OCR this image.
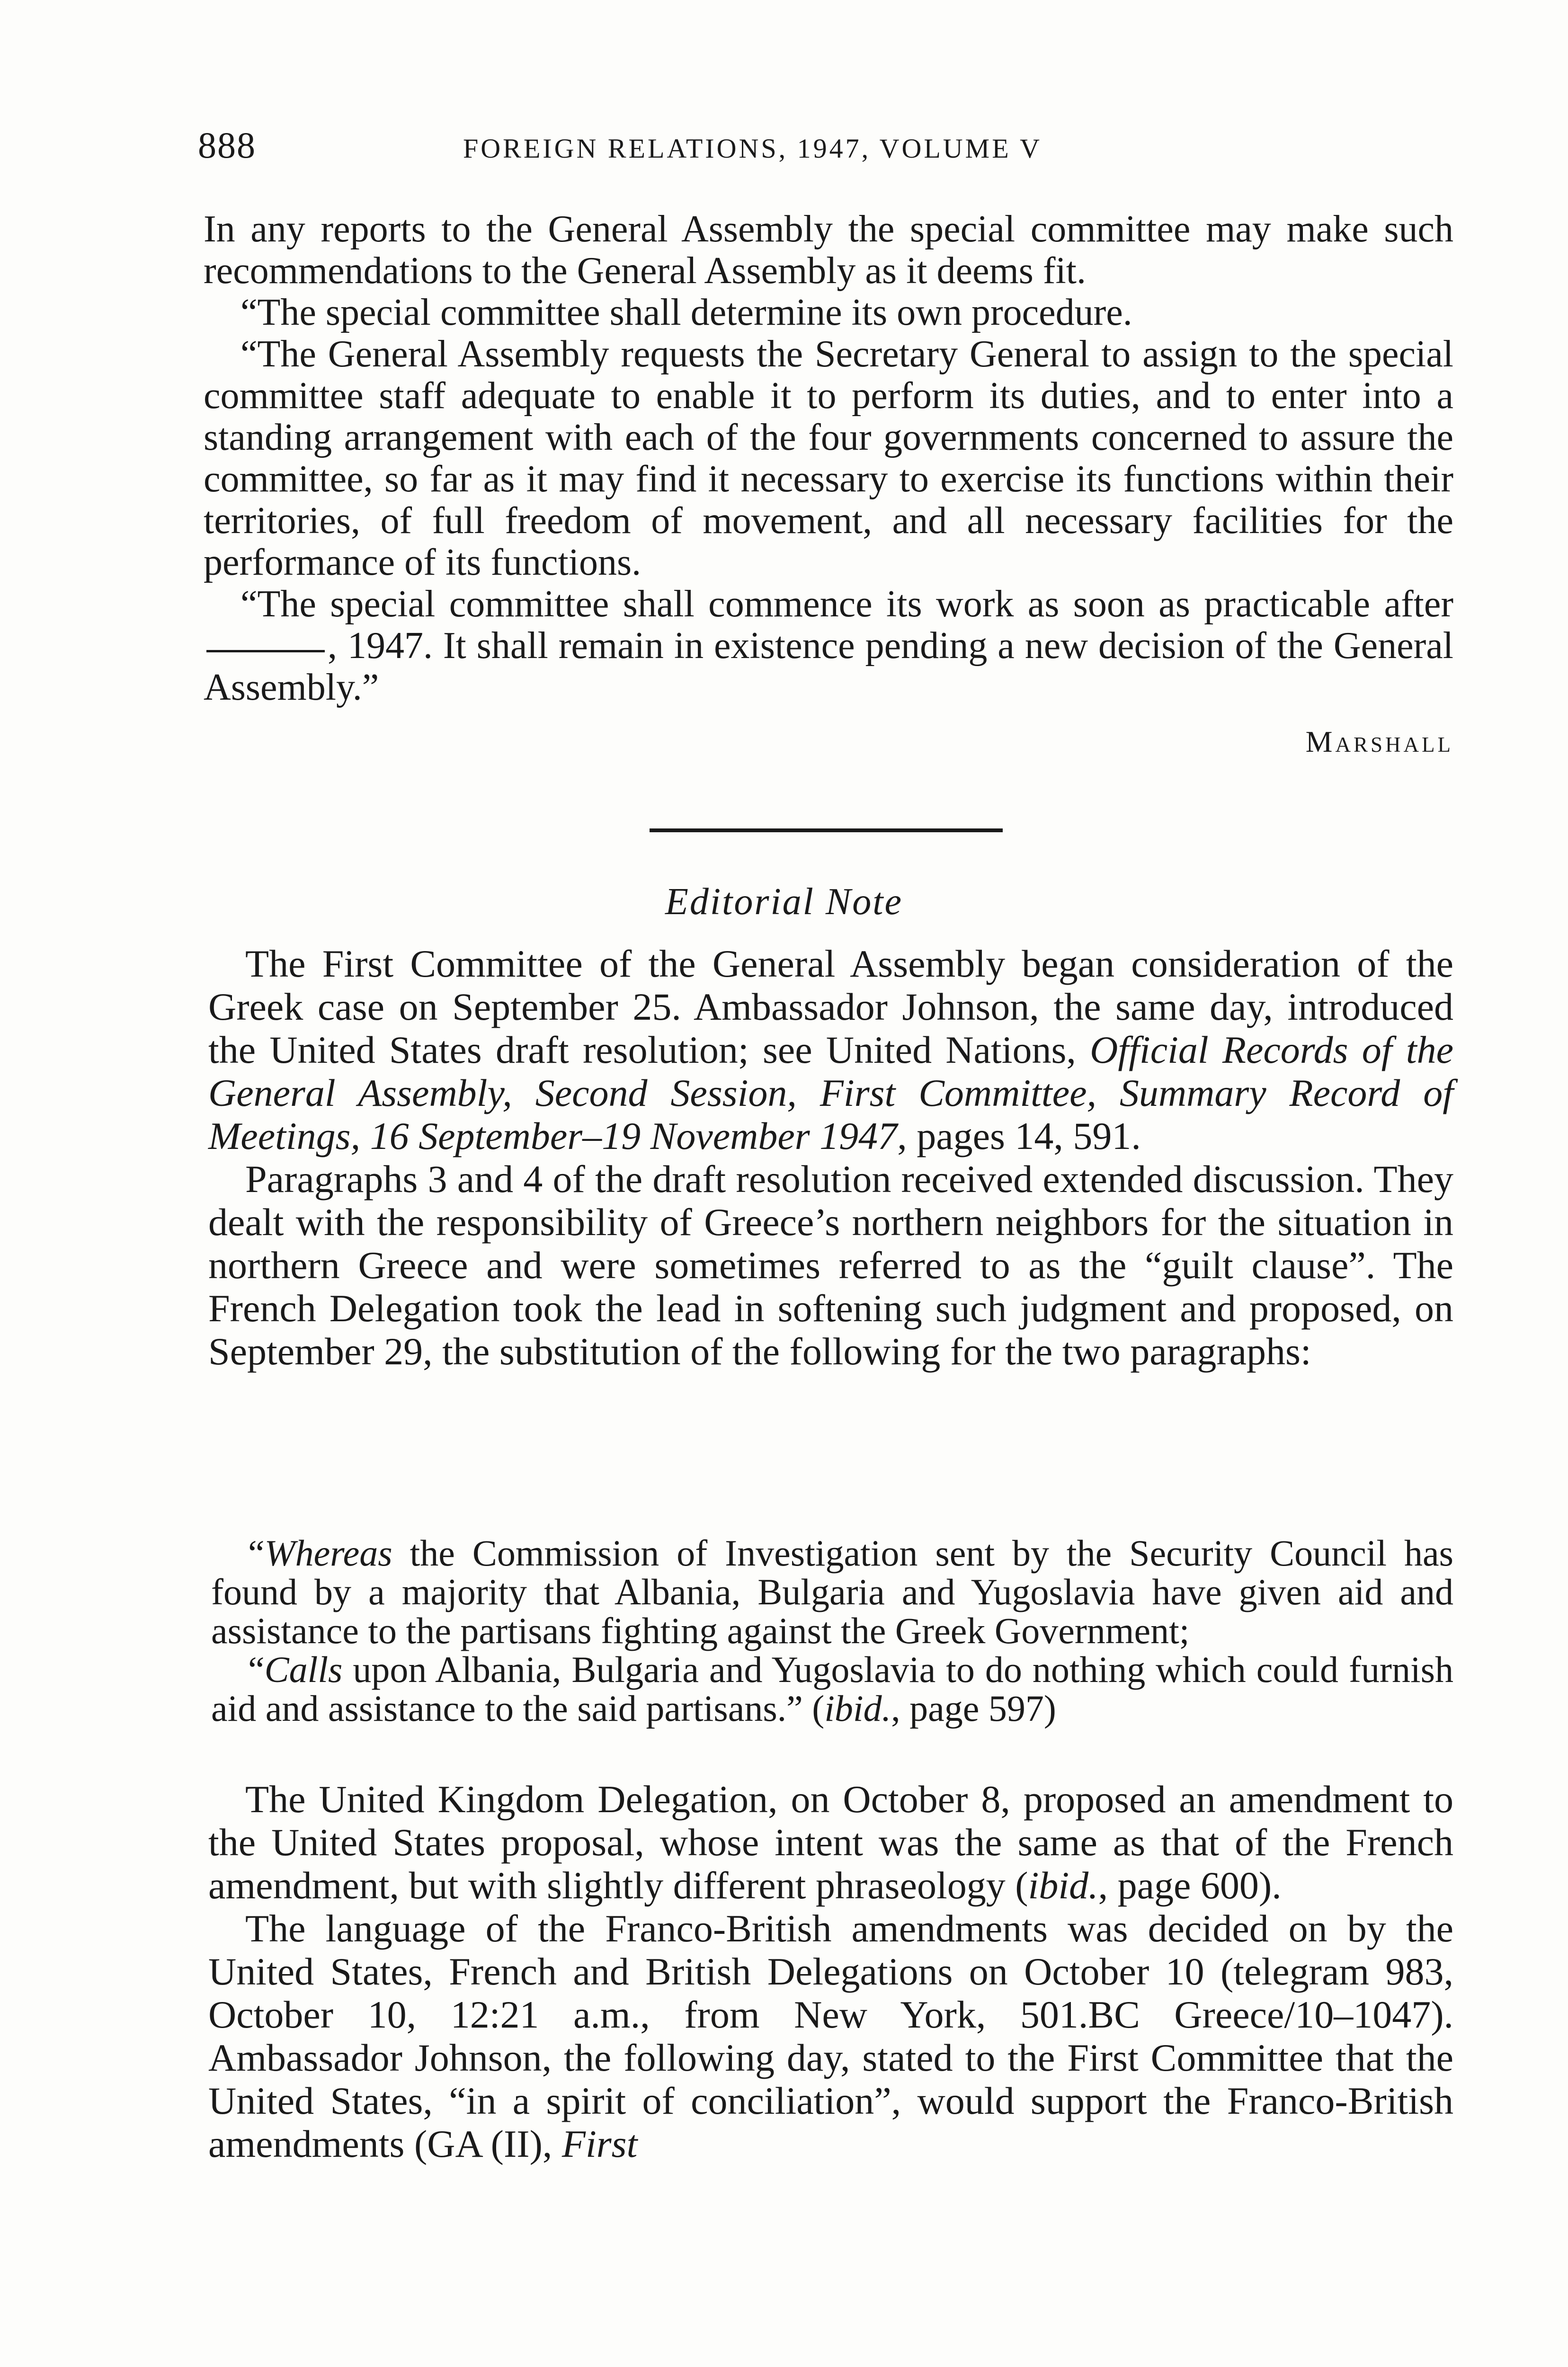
888	FOREIGN RELATIONS, 1947, VOLUME V

In any reports to the General Assembly the special committee may make such recommendations to the General Assembly as it deems fit.

“The special committee shall determine its own procedure.

“The General Assembly requests the Secretary General to assign to the special committee staff adequate to enable it to perform its duties, and to enter into a standing arrangement with each of the four governments concerned to assure the committee, so far as it may find it necessary to exercise its functions within their territories, of full freedom of movement, and all necessary facilities for the performance of its functions.

“The special committee shall commence its work as soon as practicable after, 1947. It shall remain in existence pending a new decision of the General Assembly.”

Marshall
Editorial Note

The First Committee of the General Assembly began consideration of the Greek case on September 25. Ambassador Johnson, the same day, introduced the United States draft resolution; see United Nations, Official Records of the General Assembly, Second Session, First Committee, Summary Record of Meetings, 16 September–19 November 1947, pages 14, 591.

Paragraphs 3 and 4 of the draft resolution received extended discussion. They dealt with the responsibility of Greece’s northern neighbors for the situation in northern Greece and were sometimes referred to as the “guilt clause”. The French Delegation took the lead in softening such judgment and proposed, on September 29, the substitution of the following for the two paragraphs:

“Whereas the Commission of Investigation sent by the Security Council has found by a majority that Albania, Bulgaria and Yugoslavia have given aid and assistance to the partisans fighting against the Greek Government;

“Calls upon Albania, Bulgaria and Yugoslavia to do nothing which could furnish aid and assistance to the said partisans.” (ibid., page 597)

The United Kingdom Delegation, on October 8, proposed an amendment to the United States proposal, whose intent was the same as that of the French amendment, but with slightly different phraseology (ibid., page 600).

The language of the Franco-British amendments was decided on by the United States, French and British Delegations on October 10 (telegram 983, October 10, 12:21 a.m., from New York, 501.BC Greece/10–1047). Ambassador Johnson, the following day, stated to the First Committee that the United States, “in a spirit of conciliation”, would support the Franco-British amendments (GA (II), First
